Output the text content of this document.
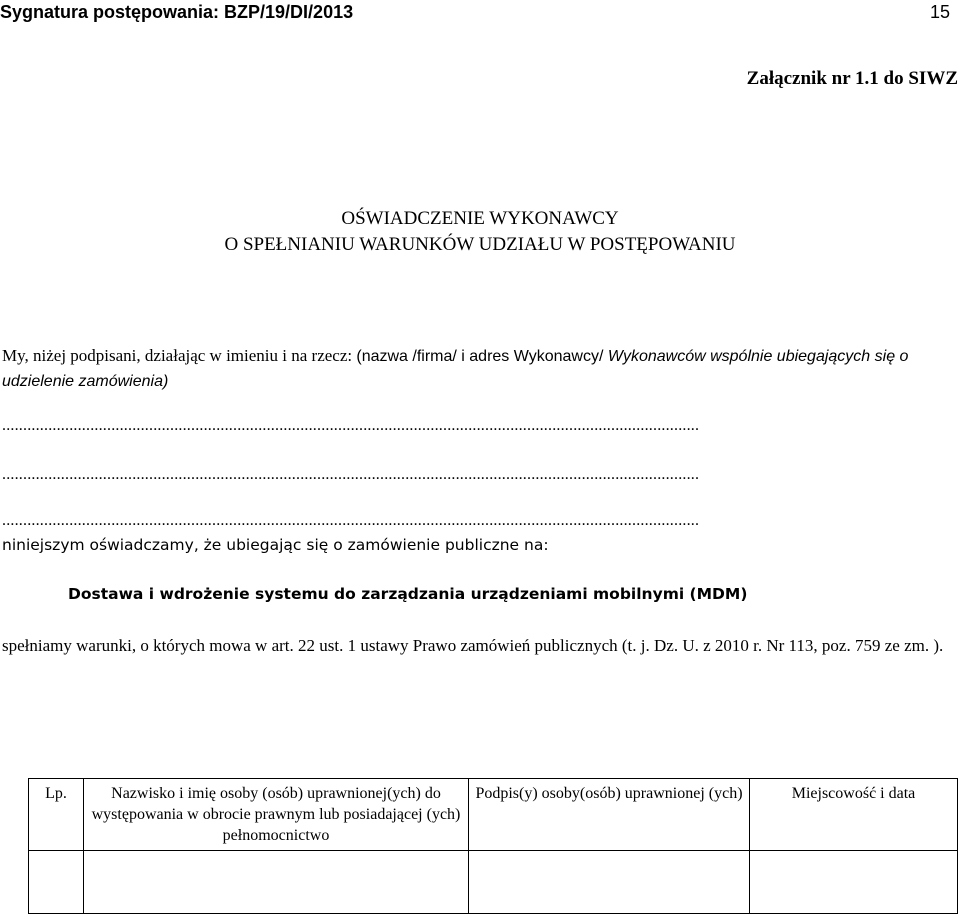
Sygnatura postępowania: BZP/19/DI/2013	15
Załącznik nr 1.1 do SIWZ
OŚWIADCZENIE WYKONAWCY
O SPEŁNIANIU WARUNKÓW UDZIAŁU W POSTĘPOWANIU
My, niżej podpisani, działając w imieniu i na rzecz: (nazwa /firma/ i adres Wykonawcy/ Wykonawców wspólnie ubiegających się o udzielenie zamówienia)
......................................................................................................................................................................
......................................................................................................................................................................
......................................................................................................................................................................
niniejszym oświadczamy, że ubiegając się o zamówienie publiczne na:
Dostawa i wdrożenie systemu do zarządzania urządzeniami mobilnymi (MDM)
spełniamy warunki, o których mowa w art. 22 ust. 1 ustawy Prawo zamówień publicznych (t. j. Dz. U. z 2010 r. Nr 113, poz. 759 ze zm. ).
Lp.	Nazwisko i imię osoby (osób) uprawnionej(ych) do występowania w obrocie prawnym lub posiadającej (ych) pełnomocnictwo	Podpis(y) osoby(osób) uprawnionej (ych)	Miejscowość i data
